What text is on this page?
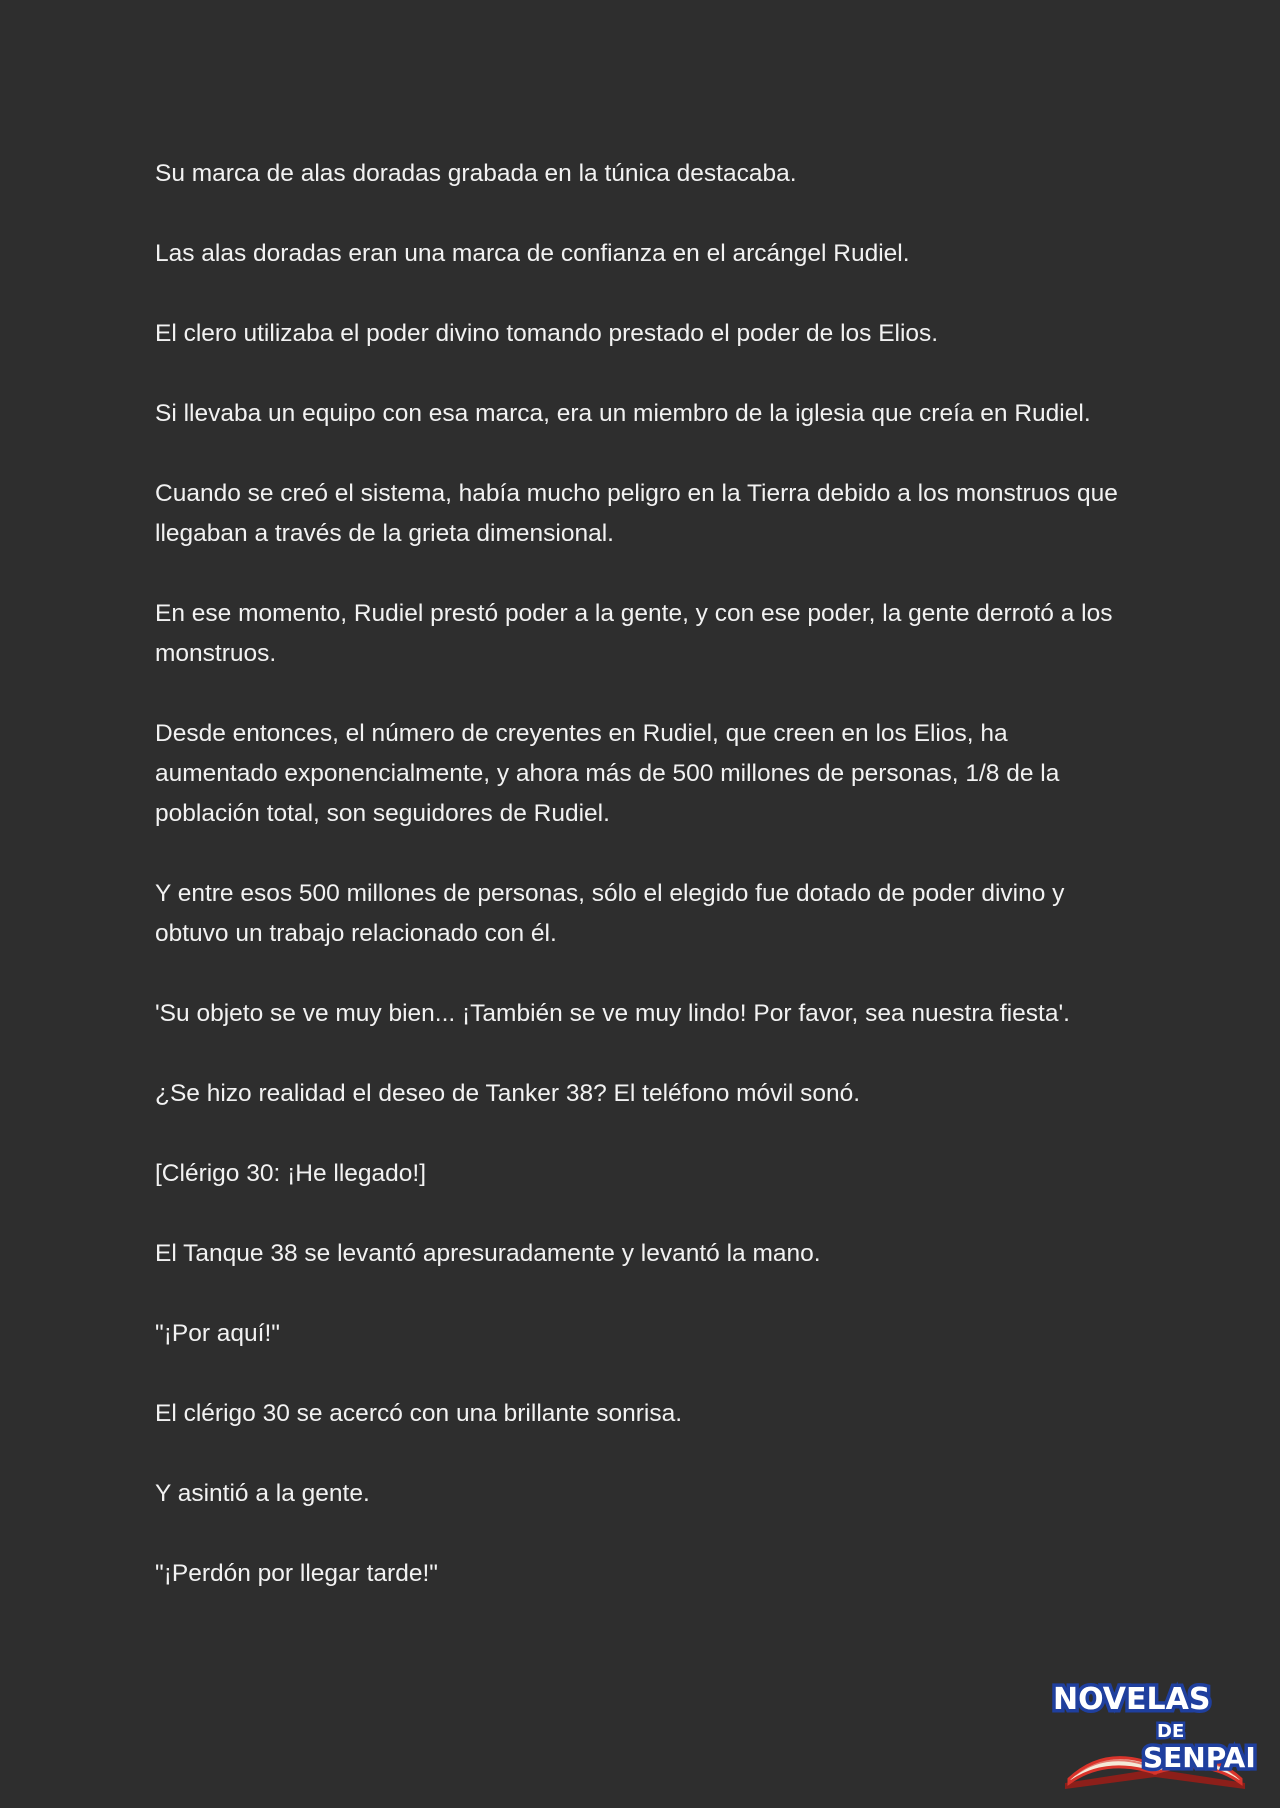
Su marca de alas doradas grabada en la túnica destacaba.

Las alas doradas eran una marca de confianza en el arcángel Rudiel.

El clero utilizaba el poder divino tomando prestado el poder de los Elios.

Si llevaba un equipo con esa marca, era un miembro de la iglesia que creía en Rudiel.

Cuando se creó el sistema, había mucho peligro en la Tierra debido a los monstruos que llegaban a través de la grieta dimensional.

En ese momento, Rudiel prestó poder a la gente, y con ese poder, la gente derrotó a los monstruos.

Desde entonces, el número de creyentes en Rudiel, que creen en los Elios, ha aumentado exponencialmente, y ahora más de 500 millones de personas, 1/8 de la población total, son seguidores de Rudiel.

Y entre esos 500 millones de personas, sólo el elegido fue dotado de poder divino y obtuvo un trabajo relacionado con él.

'Su objeto se ve muy bien... ¡También se ve muy lindo! Por favor, sea nuestra fiesta'.

¿Se hizo realidad el deseo de Tanker 38? El teléfono móvil sonó.

[Clérigo 30: ¡He llegado!]

El Tanque 38 se levantó apresuradamente y levantó la mano.

"¡Por aquí!"

El clérigo 30 se acercó con una brillante sonrisa.

Y asintió a la gente.

"¡Perdón por llegar tarde!"

NOVELAS
DE
SENPAI
